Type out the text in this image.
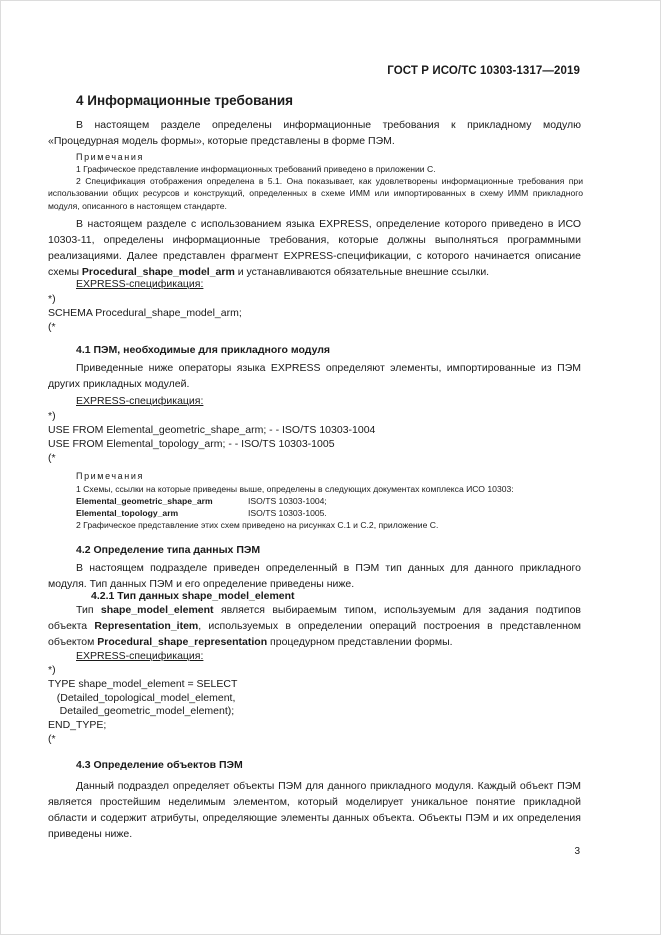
ГОСТ Р ИСО/ТС 10303-1317—2019
4 Информационные требования
В настоящем разделе определены информационные требования к прикладному модулю «Процедурная модель формы», которые представлены в форме ПЭМ.
Примечания
1 Графическое представление информационных требований приведено в приложении C.
2 Спецификация отображения определена в 5.1. Она показывает, как удовлетворены информационные требования при использовании общих ресурсов и конструкций, определенных в схеме ИММ или импортированных в схему ИММ прикладного модуля, описанного в настоящем стандарте.
В настоящем разделе с использованием языка EXPRESS, определение которого приведено в ИСО 10303-11, определены информационные требования, которые должны выполняться программными реализациями. Далее представлен фрагмент EXPRESS-спецификации, с которого начинается описание схемы Procedural_shape_model_arm и устанавливаются обязательные внешние ссылки.
EXPRESS-спецификация:
*)
SCHEMA Procedural_shape_model_arm;
(*
4.1 ПЭМ, необходимые для прикладного модуля
Приведенные ниже операторы языка EXPRESS определяют элементы, импортированные из ПЭМ других прикладных модулей.
EXPRESS-спецификация:
*)
USE FROM Elemental_geometric_shape_arm; - - ISO/TS 10303-1004
USE FROM Elemental_topology_arm; - - ISO/TS 10303-1005
(*
Примечания
1 Схемы, ссылки на которые приведены выше, определены в следующих документах комплекса ИСО 10303:
Elemental_geometric_shape_arm	ISO/TS 10303-1004;
Elemental_topology_arm	ISO/TS 10303-1005.
2 Графическое представление этих схем приведено на рисунках C.1 и C.2, приложение C.
4.2 Определение типа данных ПЭМ
В настоящем подразделе приведен определенный в ПЭМ тип данных для данного прикладного модуля. Тип данных ПЭМ и его определение приведены ниже.
4.2.1 Тип данных shape_model_element
Тип shape_model_element является выбираемым типом, используемым для задания подтипов объекта Representation_item, используемых в определении операций построения в представленном объектом Procedural_shape_representation процедурном представлении формы.
EXPRESS-спецификация:
*)
TYPE shape_model_element = SELECT
(Detailed_topological_model_element,
Detailed_geometric_model_element);
END_TYPE;
(*
4.3 Определение объектов ПЭМ
Данный подраздел определяет объекты ПЭМ для данного прикладного модуля. Каждый объект ПЭМ является простейшим неделимым элементом, который моделирует уникальное понятие прикладной области и содержит атрибуты, определяющие элементы данных объекта. Объекты ПЭМ и их определения приведены ниже.
3
